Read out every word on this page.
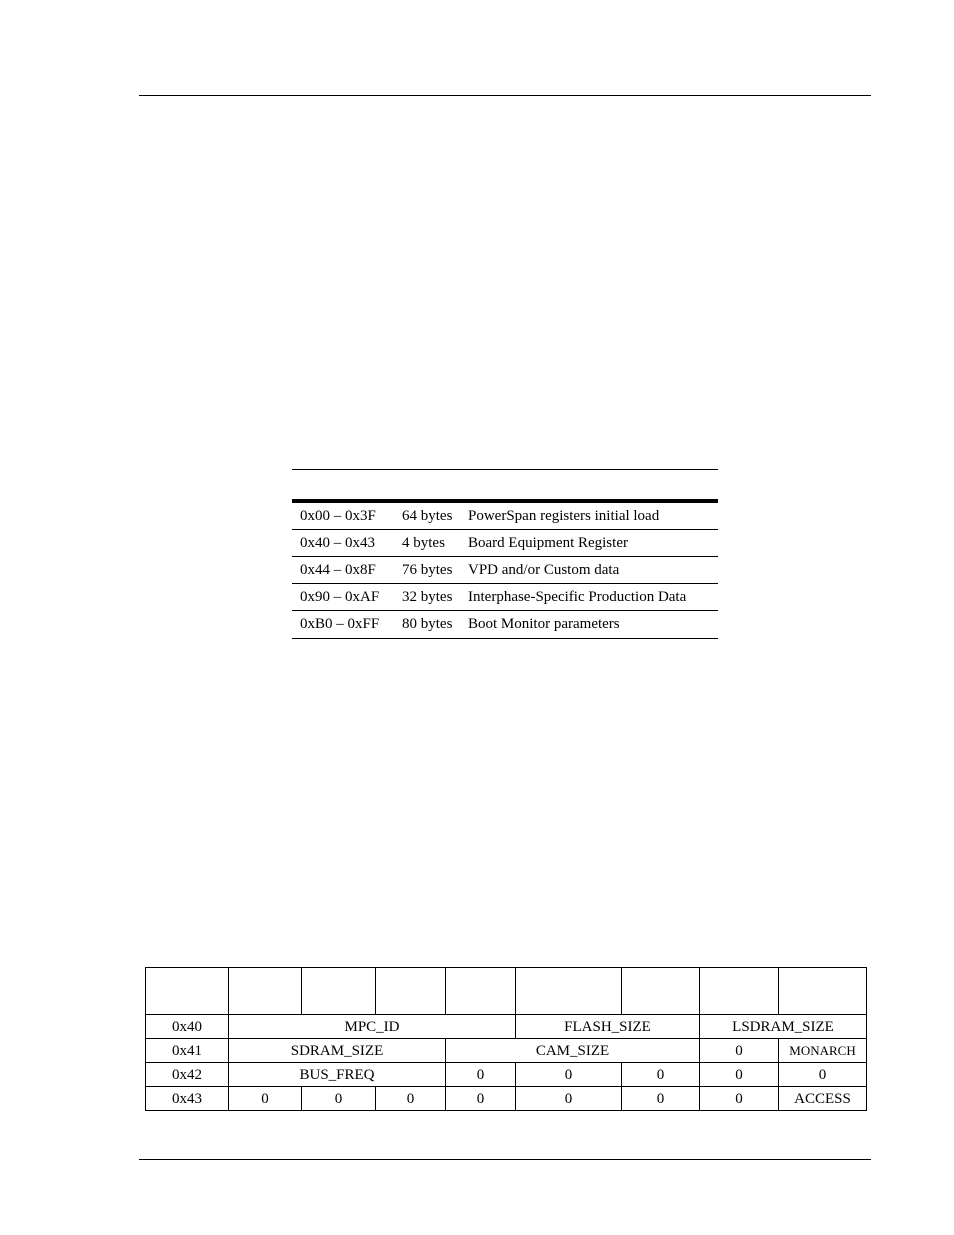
0x00 – 0x3F	64 bytes	PowerSpan registers initial load
0x40 – 0x43	4 bytes	Board Equipment Register
0x44 – 0x8F	76 bytes	VPD and/or Custom data
0x90 – 0xAF	32 bytes	Interphase-Specific Production Data
0xB0 – 0xFF	80 bytes	Boot Monitor parameters

0x40	MPC_ID				FLASH_SIZE		LSDRAM_SIZE	
0x41	SDRAM_SIZE			CAM_SIZE			0	MONARCH
0x42	BUS_FREQ			0	0	0	0	0
0x43	0	0	0	0	0	0	0	ACCESS
